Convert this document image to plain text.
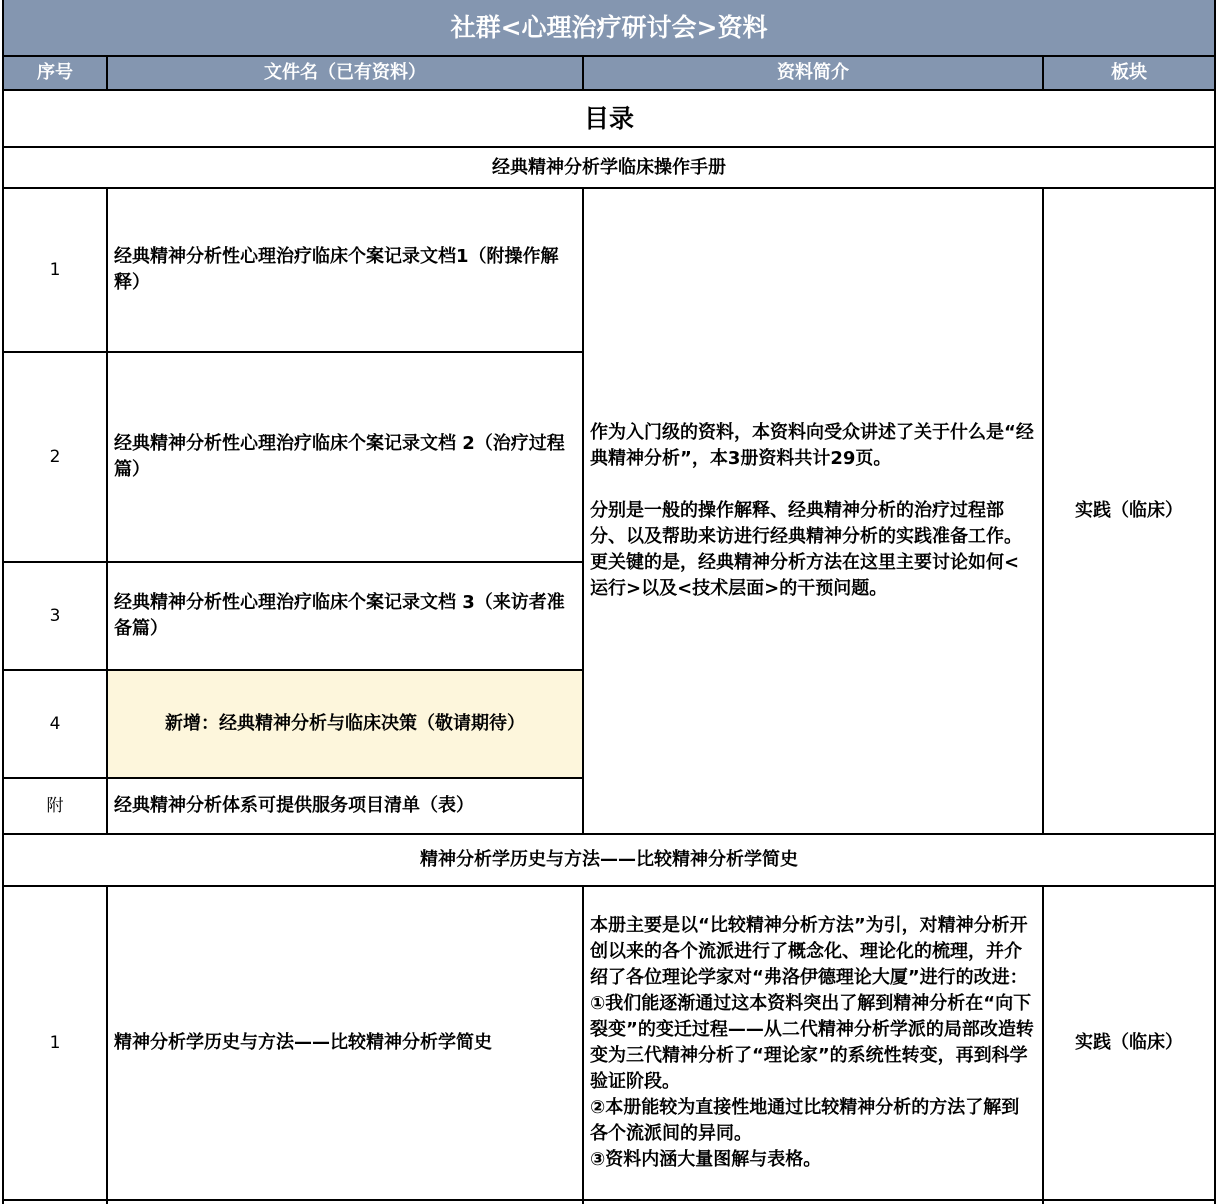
社群<心理治疗研讨会>资料			
序号	文件名（已有资料）	资料简介	板块
目录			
经典精神分析学临床操作手册			
1	经典精神分析性心理治疗临床个案记录文档1（附操作解释）	作为入门级的资料，本资料向受众讲述了关于什么是“经典精神分析”，本3册资料共计29页。
分别是一般的操作解释、经典精神分析的治疗过程部分、以及帮助来访进行经典精神分析的实践准备工作。更关键的是，经典精神分析方法在这里主要讨论如何<运行>以及<技术层面>的干预问题。	实践（临床）
2	经典精神分析性心理治疗临床个案记录文档 2（治疗过程篇）		
3	经典精神分析性心理治疗临床个案记录文档 3（来访者准备篇）		
4	新增：经典精神分析与临床决策（敬请期待）		
附	经典精神分析体系可提供服务项目清单（表）		
精神分析学历史与方法——比较精神分析学简史			
1	精神分析学历史与方法——比较精神分析学简史	本册主要是以“比较精神分析方法”为引，对精神分析开创以来的各个流派进行了概念化、理论化的梳理，并介绍了各位理论学家对“弗洛伊德理论大厦”进行的改进：
①我们能逐渐通过这本资料突出了解到精神分析在“向下裂变”的变迁过程——从二代精神分析学派的局部改造转变为三代精神分析了“理论家”的系统性转变，再到科学验证阶段。
②本册能较为直接性地通过比较精神分析的方法了解到各个流派间的异同。
③资料内涵大量图解与表格。	实践（临床）
